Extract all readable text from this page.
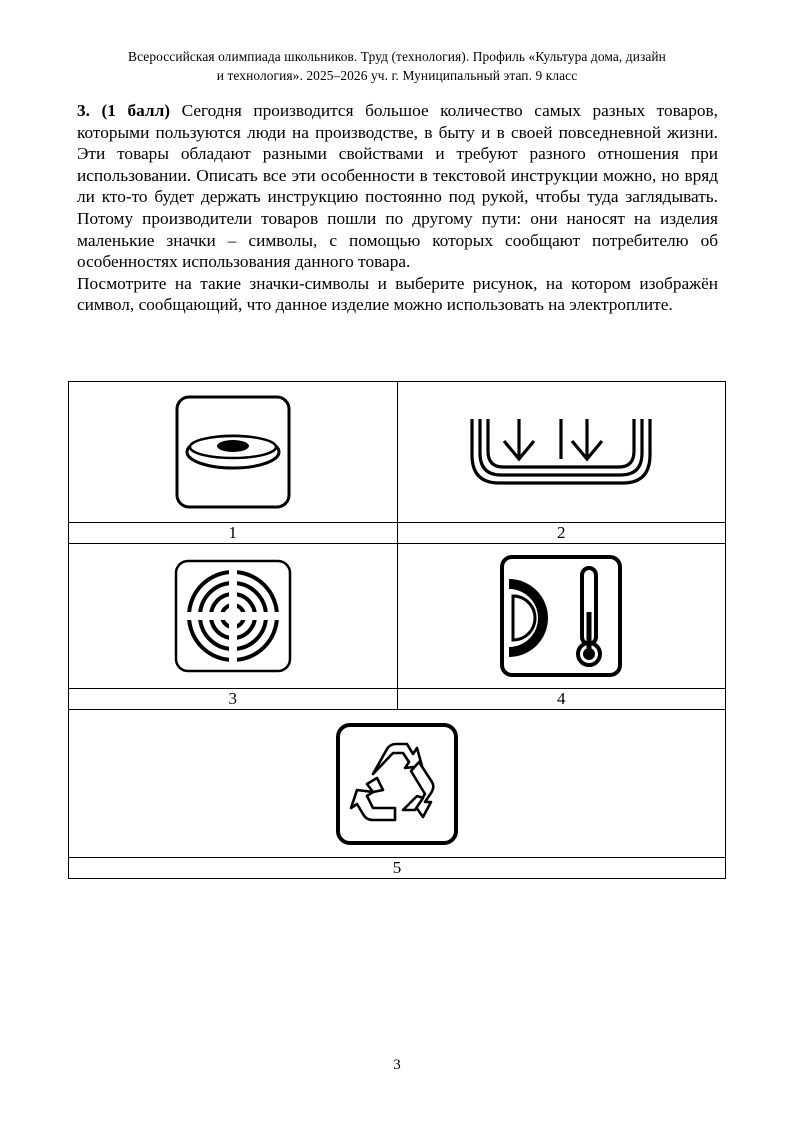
Всероссийская олимпиада школьников. Труд (технология). Профиль «Культура дома, дизайн
и технология». 2025–2026 уч. г. Муниципальный этап. 9 класс

3. (1 балл) Сегодня производится большое количество самых разных товаров, которыми пользуются люди на производстве, в быту и в своей повседневной жизни. Эти товары обладают разными свойствами и требуют разного отношения при использовании. Описать все эти особенности в текстовой инструкции можно, но вряд ли кто-то будет держать инструкцию постоянно под рукой, чтобы туда заглядывать. Потому производители товаров пошли по другому пути: они наносят на изделия маленькие значки – символы, с помощью которых сообщают потребителю об особенностях использования данного товара.

Посмотрите на такие значки-символы и выберите рисунок, на котором изображён символ, сообщающий, что данное изделие можно использовать на электроплите.

1	2

3	4

5	
3
